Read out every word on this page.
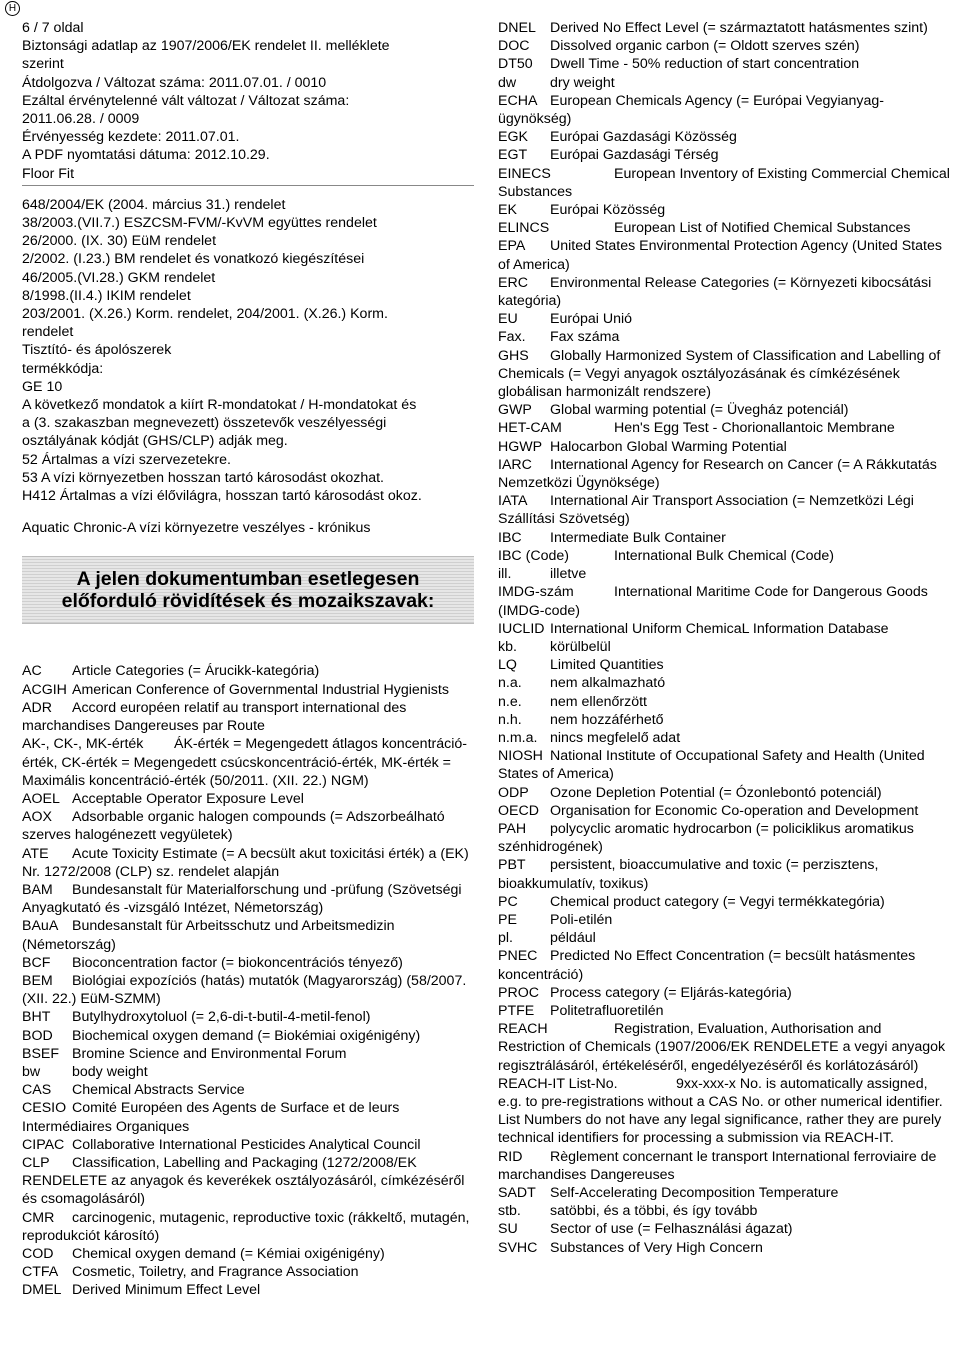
H
6 / 7 oldal
Biztonsági adatlap az 1907/2006/EK rendelet II. melléklete
szerint
Átdolgozva / Változat száma: 2011.07.01. / 0010
Ezáltal érvénytelenné vált változat / Változat száma:
2011.06.28. / 0009
Érvényesség kezdete: 2011.07.01.
A PDF nyomtatási dátuma: 2012.10.29.
Floor Fit
648/2004/EK (2004. március 31.) rendelet
38/2003.(VII.7.) ESZCSM-FVM/-KvVM együttes rendelet
26/2000. (IX. 30) EüM rendelet
2/2002. (I.23.) BM rendelet és vonatkozó kiegészítései
46/2005.(VI.28.) GKM rendelet
8/1998.(II.4.) IKIM rendelet
203/2001. (X.26.) Korm. rendelet, 204/2001. (X.26.) Korm.
rendelet
Tisztító- és ápolószerek
termékkódja:
GE 10
A következő mondatok a kiírt R-mondatokat / H-mondatokat és
a (3. szakaszban megnevezett) összetevők veszélyességi
osztályának kódját (GHS/CLP) adják meg.
52 Ártalmas a vízi szervezetekre.
53 A vízi környezetben hosszan tartó károsodást okozhat.
H412 Ártalmas a vízi élővilágra, hosszan tartó károsodást okoz.
Aquatic Chronic-A vízi környezetre veszélyes - krónikus
A jelen dokumentumban esetlegesen
előforduló rövidítések és mozaikszavak:
AC Article Categories (= Árucikk-kategória)
ACGIH American Conference of Governmental Industrial Hygienists
ADR Accord européen relatif au transport international des marchandises Dangereuses par Route
AK-, CK-, MK-érték ÁK-érték = Megengedett átlagos koncentráció-érték, CK-érték = Megengedett csúcskoncentráció-érték, MK-érték = Maximális koncentráció-érték (50/2011. (XII. 22.) NGM)
AOEL Acceptable Operator Exposure Level
AOX Adsorbable organic halogen compounds (= Adszorbeálható szerves halogénezett vegyületek)
ATE Acute Toxicity Estimate (= A becsült akut toxicitási érték) a (EK) Nr. 1272/2008 (CLP) sz. rendelet alapján
BAM Bundesanstalt für Materialforschung und -prüfung (Szövetségi Anyagkutató és -vizsgáló Intézet, Németország)
BAuA Bundesanstalt für Arbeitsschutz und Arbeitsmedizin (Németország)
BCF Bioconcentration factor (= biokoncentrációs tényező)
BEM Biológiai expozíciós (hatás) mutatók (Magyarország) (58/2007. (XII. 22.) EüM-SZMM)
BHT Butylhydroxytoluol (= 2,6-di-t-butil-4-metil-fenol)
BOD Biochemical oxygen demand (= Biokémiai oxigénigény)
BSEF Bromine Science and Environmental Forum
bw body weight
CAS Chemical Abstracts Service
CESIO Comité Européen des Agents de Surface et de leurs Intermédiaires Organiques
CIPAC Collaborative International Pesticides Analytical Council
CLP Classification, Labelling and Packaging (1272/2008/EK RENDELETE az anyagok és keverékek osztályozásáról, címkézéséről és csomagolásáról)
CMR carcinogenic, mutagenic, reproductive toxic (rákkeltő, mutagén, reprodukciót károsító)
COD Chemical oxygen demand (= Kémiai oxigénigény)
CTFA Cosmetic, Toiletry, and Fragrance Association
DMEL Derived Minimum Effect Level
DNEL Derived No Effect Level (= származtatott hatásmentes szint)
DOC Dissolved organic carbon (= Oldott szerves szén)
DT50 Dwell Time - 50% reduction of start concentration
dw dry weight
ECHA European Chemicals Agency (= Európai Vegyianyag-ügynökség)
EGK Európai Gazdasági Közösség
EGT Európai Gazdasági Térség
EINECS	European Inventory of Existing Commercial Chemical Substances
EK Európai Közösség
ELINCS	European List of Notified Chemical Substances
EPA United States Environmental Protection Agency (United States of America)
ERC Environmental Release Categories (= Környezeti kibocsátási kategória)
EU Európai Unió
Fax. Fax száma
GHS Globally Harmonized System of Classification and Labelling of Chemicals (= Vegyi anyagok osztályozásának és címkézésének globálisan harmonizált rendszere)
GWP Global warming potential (= Üvegház potenciál)
HET-CAM	Hen's Egg Test - Chorionallantoic Membrane
HGWP Halocarbon Global Warming Potential
IARC International Agency for Research on Cancer (= A Rákkutatás Nemzetközi Ügynöksége)
IATA International Air Transport Association (= Nemzetközi Légi Szállítási Szövetség)
IBC Intermediate Bulk Container
IBC (Code)	International Bulk Chemical (Code)
ill.	illetve
IMDG-szám	International Maritime Code for Dangerous Goods (IMDG-code)
IUCLID International Uniform ChemicaL Information Database
kb. körülbelül
LQ Limited Quantities
n.a. nem alkalmazható
n.e. nem ellenőrzött
n.h. nem hozzáférhető
n.m.a. nincs megfelelő adat
NIOSH National Institute of Occupational Safety and Health (United States of America)
ODP Ozone Depletion Potential (= Ózonlebontó potenciál)
OECD Organisation for Economic Co-operation and Development
PAH polycyclic aromatic hydrocarbon (= policiklikus aromatikus szénhidrogének)
PBT persistent, bioaccumulative and toxic (= perzisztens, bioakkumulatív, toxikus)
PC Chemical product category (= Vegyi termékkategória)
PE Poli-etilén
pl.	például
PNEC Predicted No Effect Concentration (= becsült hatásmentes koncentráció)
PROC Process category (= Eljárás-kategória)
PTFE Politetrafluoretilén
REACH	Registration, Evaluation, Authorisation and Restriction of Chemicals (1907/2006/EK RENDELETE a vegyi anyagok regisztrálásáról, értékeléséről, engedélyezéséről és korlátozásáról)
REACH-IT List-No.	9xx-xxx-x No. is automatically assigned, e.g. to pre-registrations without a CAS No. or other numerical identifier. List Numbers do not have any legal significance, rather they are purely technical identifiers for processing a submission via REACH-IT.
RID Règlement concernant le transport International ferroviaire de marchandises Dangereuses
SADT Self-Accelerating Decomposition Temperature
stb. satöbbi, és a többi, és így tovább
SU Sector of use (= Felhasználási ágazat)
SVHC Substances of Very High Concern
